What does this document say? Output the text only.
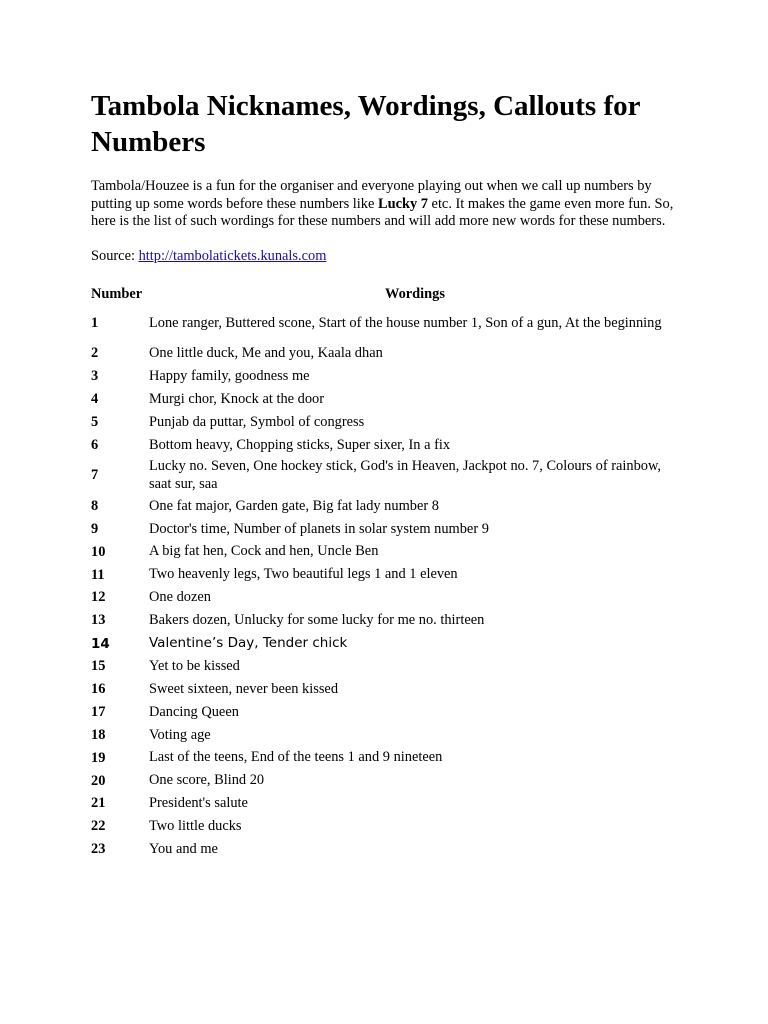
Tambola Nicknames, Wordings, Callouts for Numbers

Tambola/Houzee is a fun for the organiser and everyone playing out when we call up numbers by putting up some words before these numbers like Lucky 7 etc. It makes the game even more fun. So, here is the list of such wordings for these numbers and will add more new words for these numbers.

Source: http://tambolatickets.kunals.com

Number	Wordings
1	Lone ranger, Buttered scone, Start of the house number 1, Son of a gun, At the beginning
2	One little duck, Me and you, Kaala dhan
3	Happy family, goodness me
4	Murgi chor, Knock at the door
5	Punjab da puttar, Symbol of congress
6	Bottom heavy, Chopping sticks, Super sixer, In a fix
7	Lucky no. Seven, One hockey stick, God's in Heaven, Jackpot no. 7, Colours of rainbow, saat sur, saa
8	One fat major, Garden gate, Big fat lady number 8
9	Doctor's time, Number of planets in solar system number 9
10	A big fat hen, Cock and hen, Uncle Ben
11	Two heavenly legs, Two beautiful legs 1 and 1 eleven
12	One dozen
13	Bakers dozen, Unlucky for some lucky for me no. thirteen
14	Valentine’s Day, Tender chick
15	Yet to be kissed
16	Sweet sixteen, never been kissed
17	Dancing Queen
18	Voting age
19	Last of the teens, End of the teens 1 and 9 nineteen
20	One score, Blind 20
21	President's salute
22	Two little ducks
23	You and me
